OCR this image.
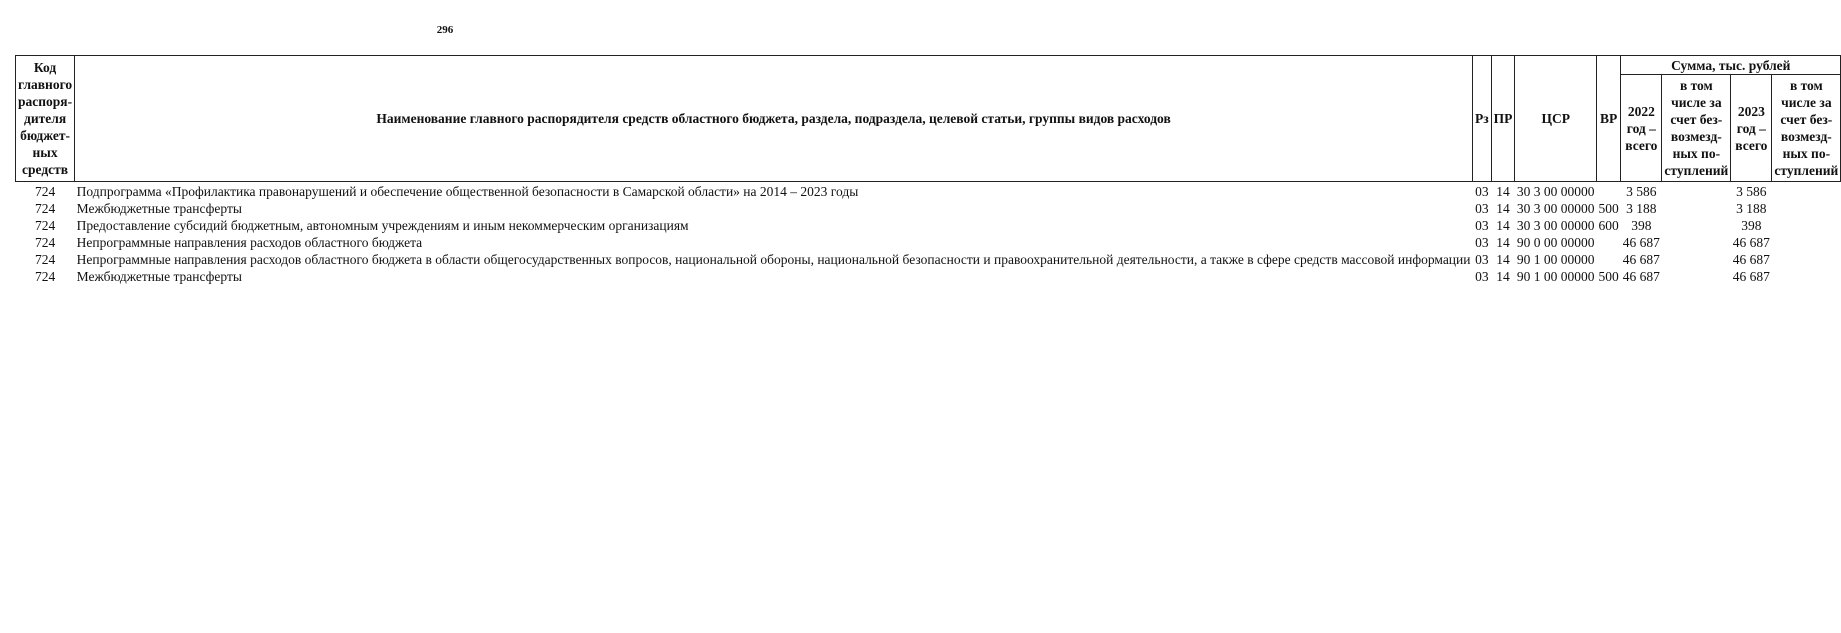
296
Код главного распоря-дителя бюджет-ных средств	Наименование главного распорядителя средств областного бюджета, раздела, подраздела, целевой статьи, группы видов расходов	Рз	ПР	ЦСР	ВР	Сумма, тыс. рублей			
						2022 год – всего	в том числе за счет без-возмезд-ных по-ступлений	2023 год – всего	в том числе за счет без-возмезд-ных по-ступлений
724	Подпрограмма «Профилактика правонарушений и обеспечение общественной безопасности в Самарской области» на 2014 – 2023 годы	03	14	30 3 00 00000		3 586		3 586	
724	Межбюджетные трансферты	03	14	30 3 00 00000	500	3 188		3 188	
724	Предоставление субсидий бюджетным, автономным учреждениям и иным некоммерческим организациям	03	14	30 3 00 00000	600	398		398	
724	Непрограммные направления расходов областного бюджета	03	14	90 0 00 00000		46 687		46 687	
724	Непрограммные направления расходов областного бюджета в области общегосударственных вопросов, национальной обороны, национальной безопасности и правоохранительной деятельности, а также в сфере средств массовой информации	03	14	90 1 00 00000		46 687		46 687	
724	Межбюджетные трансферты	03	14	90 1 00 00000	500	46 687		46 687	
